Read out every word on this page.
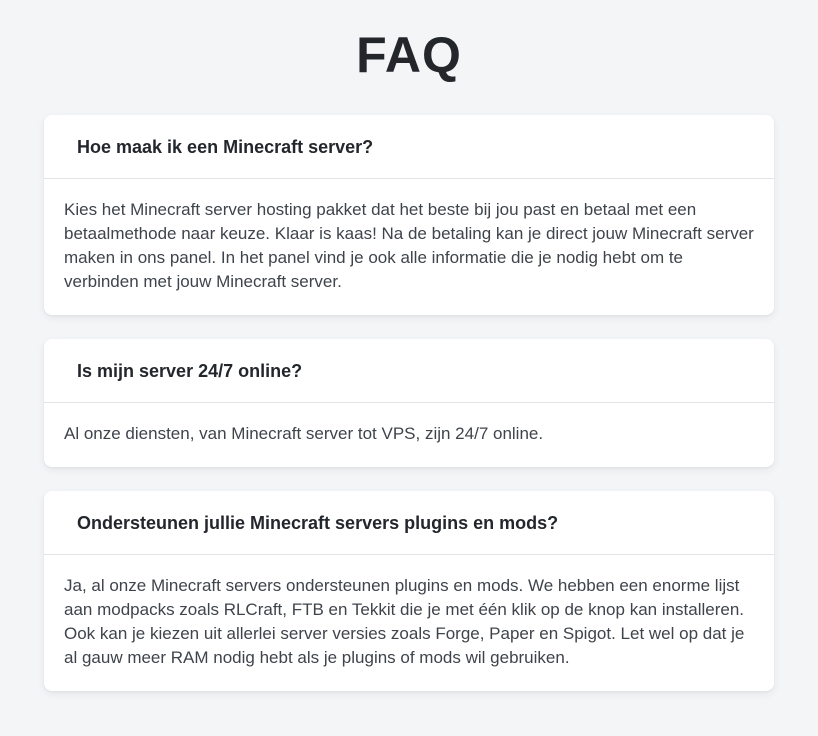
FAQ
Hoe maak ik een Minecraft server?
Kies het Minecraft server hosting pakket dat het beste bij jou past en betaal met een betaalmethode naar keuze. Klaar is kaas! Na de betaling kan je direct jouw Minecraft server maken in ons panel. In het panel vind je ook alle informatie die je nodig hebt om te verbinden met jouw Minecraft server.
Is mijn server 24/7 online?
Al onze diensten, van Minecraft server tot VPS, zijn 24/7 online.
Ondersteunen jullie Minecraft servers plugins en mods?
Ja, al onze Minecraft servers ondersteunen plugins en mods. We hebben een enorme lijst aan modpacks zoals RLCraft, FTB en Tekkit die je met één klik op de knop kan installeren. Ook kan je kiezen uit allerlei server versies zoals Forge, Paper en Spigot. Let wel op dat je al gauw meer RAM nodig hebt als je plugins of mods wil gebruiken.
